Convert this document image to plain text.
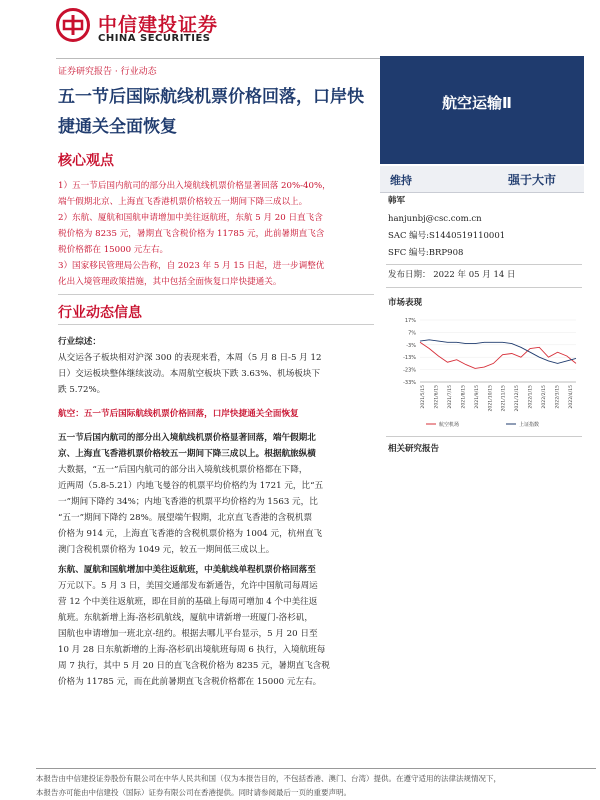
中信建投证券
CHINA SECURITIES
证券研究报告 · 行业动态
五一节后国际航线机票价格回落，口岸快捷通关全面恢复
航空运输Ⅱ
维持	强于大市
韩军
hanjunbj@csc.com.cn
SAC 编号:S1440519110001
SFC 编号:BRP908
发布日期： 2022 年 05 月 14 日
市场表现
17%
7%
-3%
-13%
-23%
-33%
2021/5/15 2021/6/15 2021/7/15 2021/8/15 2021/9/15 2021/10/15 2021/11/15 2021/12/15 2022/1/15 2022/2/15 2022/3/15 2022/4/15
航空机场	上证指数
相关研究报告
核心观点
1）五一节后国内航司的部分出入境航线机票价格显著回落 20%-40%，
端午假期北京、上海直飞香港机票价格较五一期间下降三成以上。
2）东航、厦航和国航申请增加中美往返航班，东航 5 月 20 日直飞含
税价格为 8235 元，暑期直飞含税价格为 11785 元，此前暑期直飞含
税价格都在 15000 元左右。
3）国家移民管理局公告称，自 2023 年 5 月 15 日起，进一步调整优
化出入境管理政策措施，其中包括全面恢复口岸快捷通关。
行业动态信息
行业综述：
从交运各子板块相对沪深 300 的表现来看，本周（5 月 8 日-5 月 12
日）交运板块整体继续波动。本周航空板块下跌 3.63%、机场板块下
跌 5.72%。
航空：五一节后国际航线机票价格回落，口岸快捷通关全面恢复
五一节后国内航司的部分出入境航线机票价格显著回落，端午假期北
京、上海直飞香港机票价格较五一期间下降三成以上。根据航旅纵横
大数据，“五一”后国内航司的部分出入境航线机票价格都在下降，
近两周（5.8-5.21）内地飞曼谷的机票平均价格约为 1721 元，比“五
一”期间下降约 34%；内地飞香港的机票平均价格约为 1563 元，比
“五一”期间下降约 28%。展望端午假期，北京直飞香港的含税机票
价格为 914 元，上海直飞香港的含税机票价格为 1004 元，杭州直飞
澳门含税机票价格为 1049 元，较五一期间低三成以上。
东航、厦航和国航增加中美往返航班，中美航线单程机票价格回落至
万元以下。5 月 3 日，美国交通部发布新通告，允许中国航司每周运
营 12 个中美往返航班，即在目前的基础上每周可增加 4 个中美往返
航班。东航新增上海-洛杉矶航线，厦航申请新增一班厦门-洛杉矶，
国航也申请增加一班北京-纽约。根据去哪儿平台显示，5 月 20 日至
10 月 28 日东航新增的上海-洛杉矶出境航班每周 6 执行，入境航班每
周 7 执行，其中 5 月 20 日的直飞含税价格为 8235 元，暑期直飞含税
价格为 11785 元，而在此前暑期直飞含税价格都在 15000 元左右。
本报告由中信建投证券股份有限公司在中华人民共和国（仅为本报告目的，不包括香港、澳门、台湾）提供。在遵守适用的法律法规情况下，
本报告亦可能由中信建投（国际）证券有限公司在香港提供。同时请参阅最后一页的重要声明。
